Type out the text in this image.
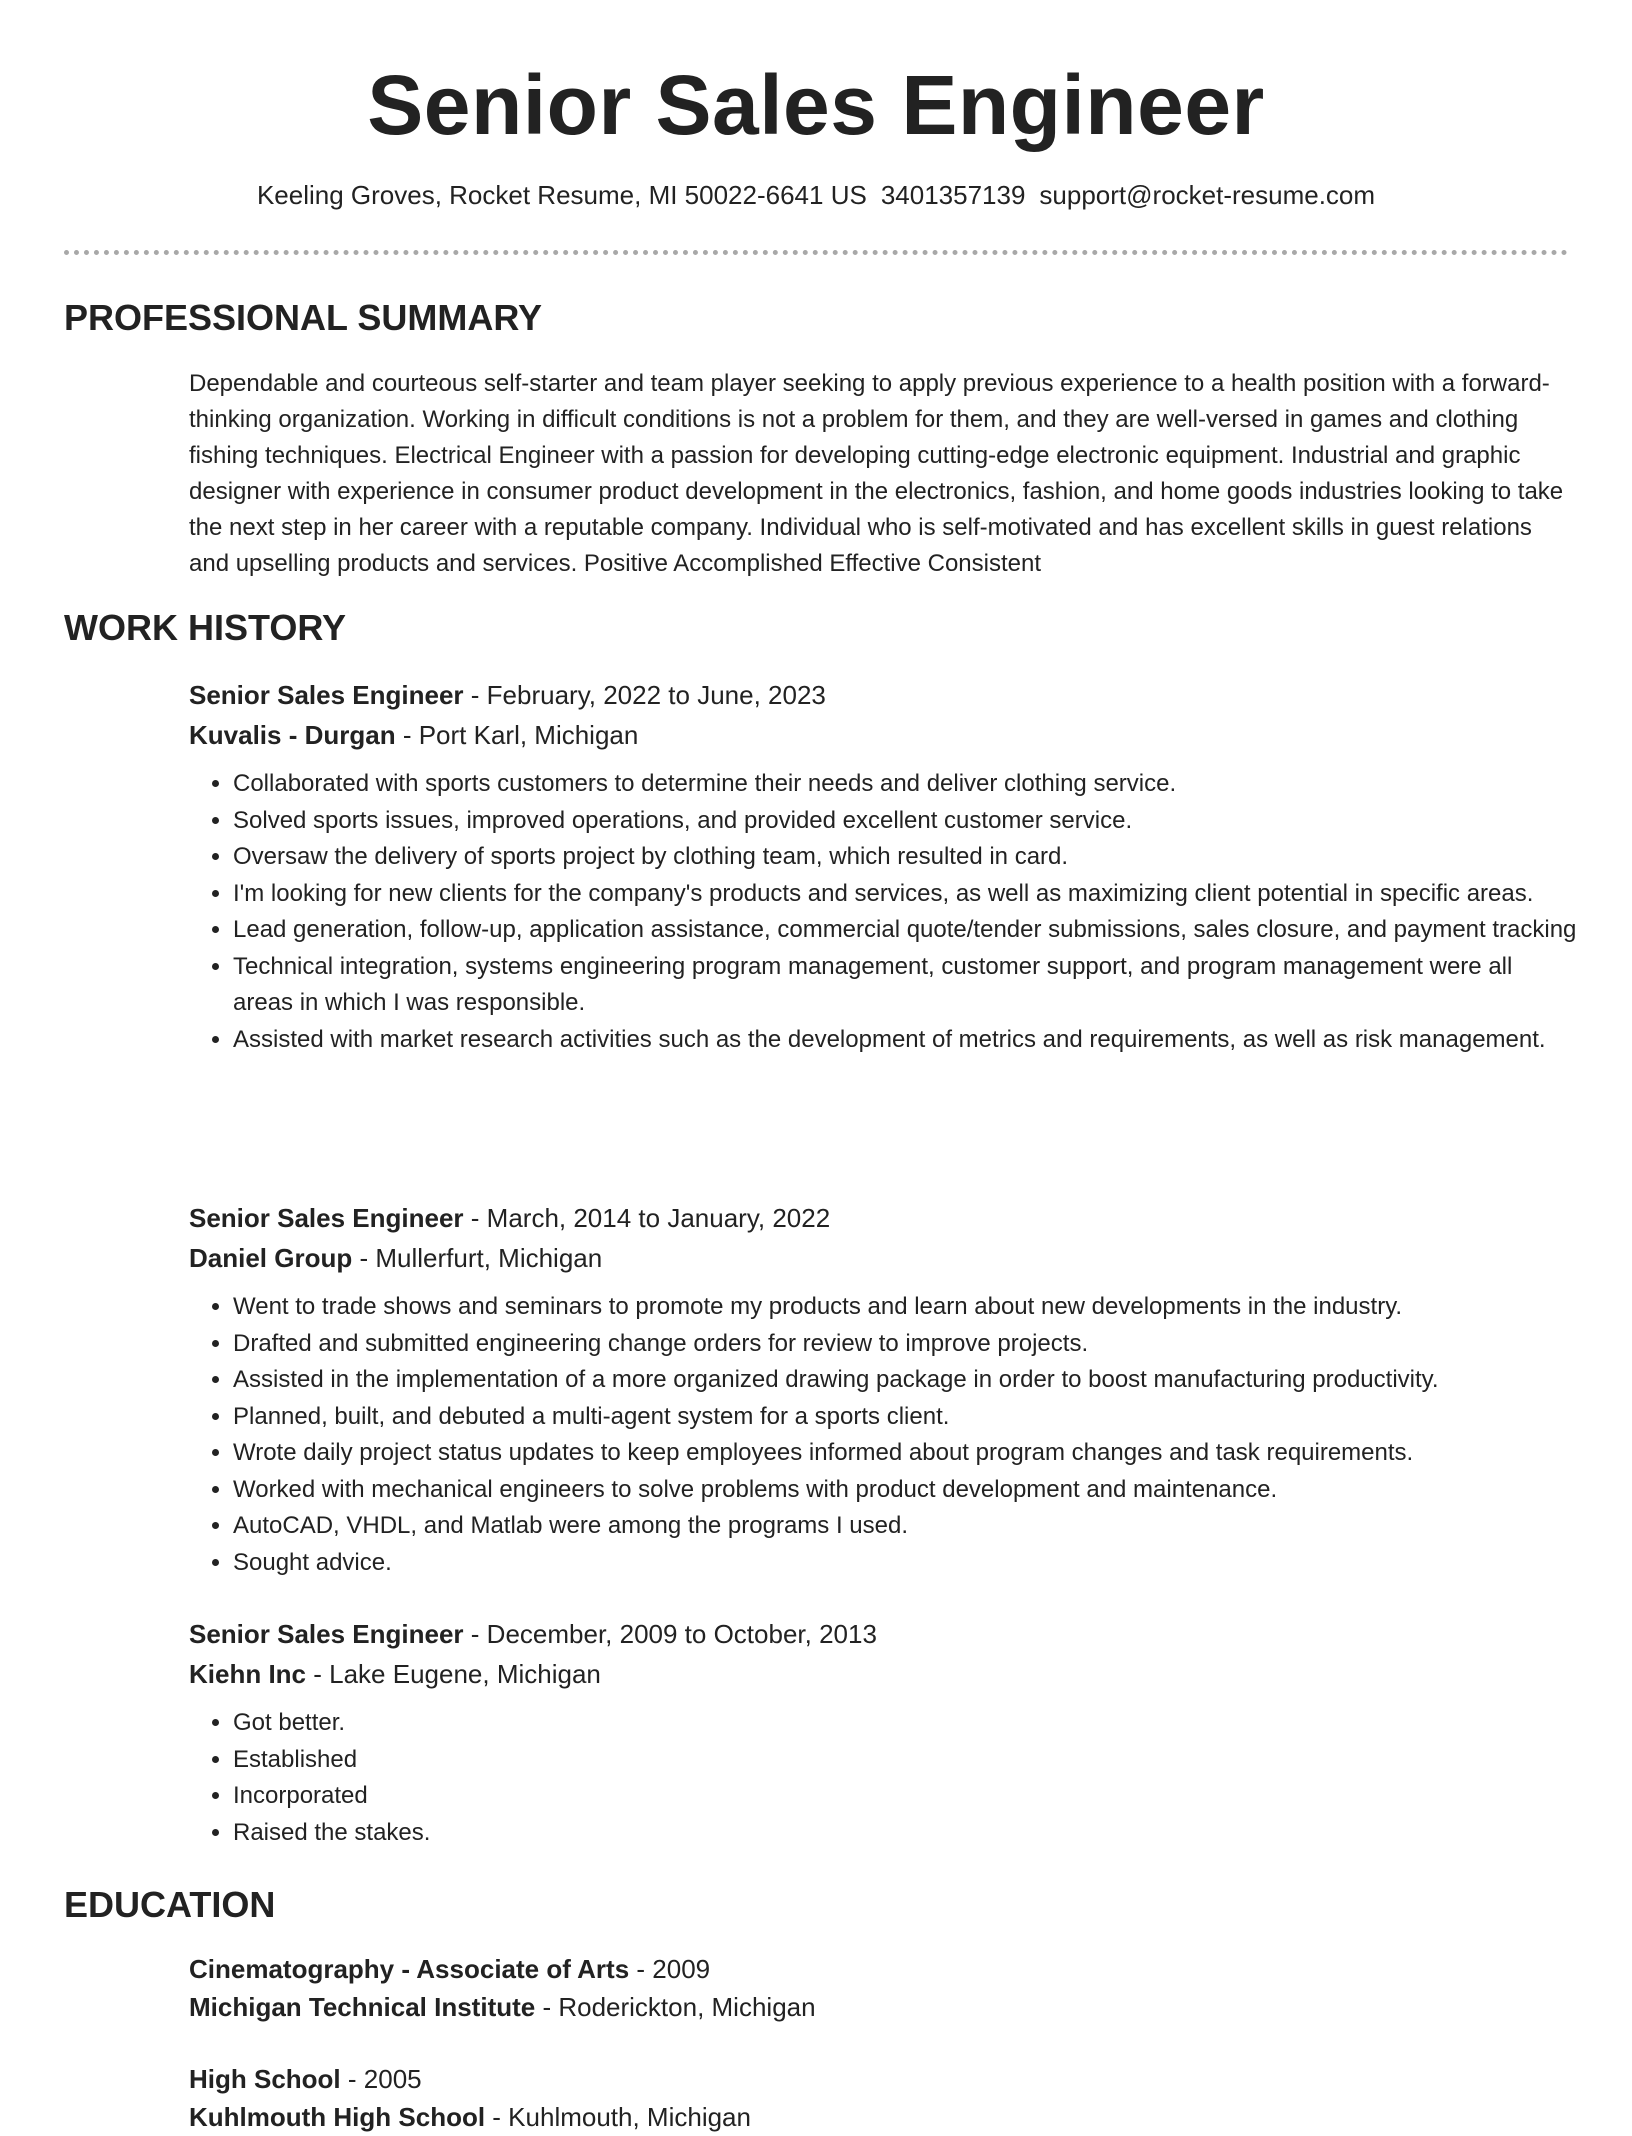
Senior Sales Engineer
Keeling Groves, Rocket Resume, MI 50022-6641 US 3401357139 support@rocket-resume.com
PROFESSIONAL SUMMARY

Dependable and courteous self-starter and team player seeking to apply previous experience to a health position with a forward-thinking organization. Working in difficult conditions is not a problem for them, and they are well-versed in games and clothing fishing techniques. Electrical Engineer with a passion for developing cutting-edge electronic equipment. Industrial and graphic designer with experience in consumer product development in the electronics, fashion, and home goods industries looking to take the next step in her career with a reputable company. Individual who is self-motivated and has excellent skills in guest relations and upselling products and services. Positive Accomplished Effective Consistent

WORK HISTORY
Senior Sales Engineer - February, 2022 to June, 2023
Kuvalis - Durgan - Port Karl, Michigan
• Collaborated with sports customers to determine their needs and deliver clothing service.
• Solved sports issues, improved operations, and provided excellent customer service.
• Oversaw the delivery of sports project by clothing team, which resulted in card.
• I'm looking for new clients for the company's products and services, as well as maximizing client potential in specific areas.
• Lead generation, follow-up, application assistance, commercial quote/tender submissions, sales closure, and payment tracking
• Technical integration, systems engineering program management, customer support, and program management were all areas in which I was responsible.
• Assisted with market research activities such as the development of metrics and requirements, as well as risk management.
Senior Sales Engineer - March, 2014 to January, 2022
Daniel Group - Mullerfurt, Michigan
• Went to trade shows and seminars to promote my products and learn about new developments in the industry.
• Drafted and submitted engineering change orders for review to improve projects.
• Assisted in the implementation of a more organized drawing package in order to boost manufacturing productivity.
• Planned, built, and debuted a multi-agent system for a sports client.
• Wrote daily project status updates to keep employees informed about program changes and task requirements.
• Worked with mechanical engineers to solve problems with product development and maintenance.
• AutoCAD, VHDL, and Matlab were among the programs I used.
• Sought advice.
Senior Sales Engineer - December, 2009 to October, 2013
Kiehn Inc - Lake Eugene, Michigan
• Got better.
• Established
• Incorporated
• Raised the stakes.
EDUCATION
Cinematography - Associate of Arts - 2009
Michigan Technical Institute - Roderickton, Michigan
High School - 2005
Kuhlmouth High School - Kuhlmouth, Michigan
